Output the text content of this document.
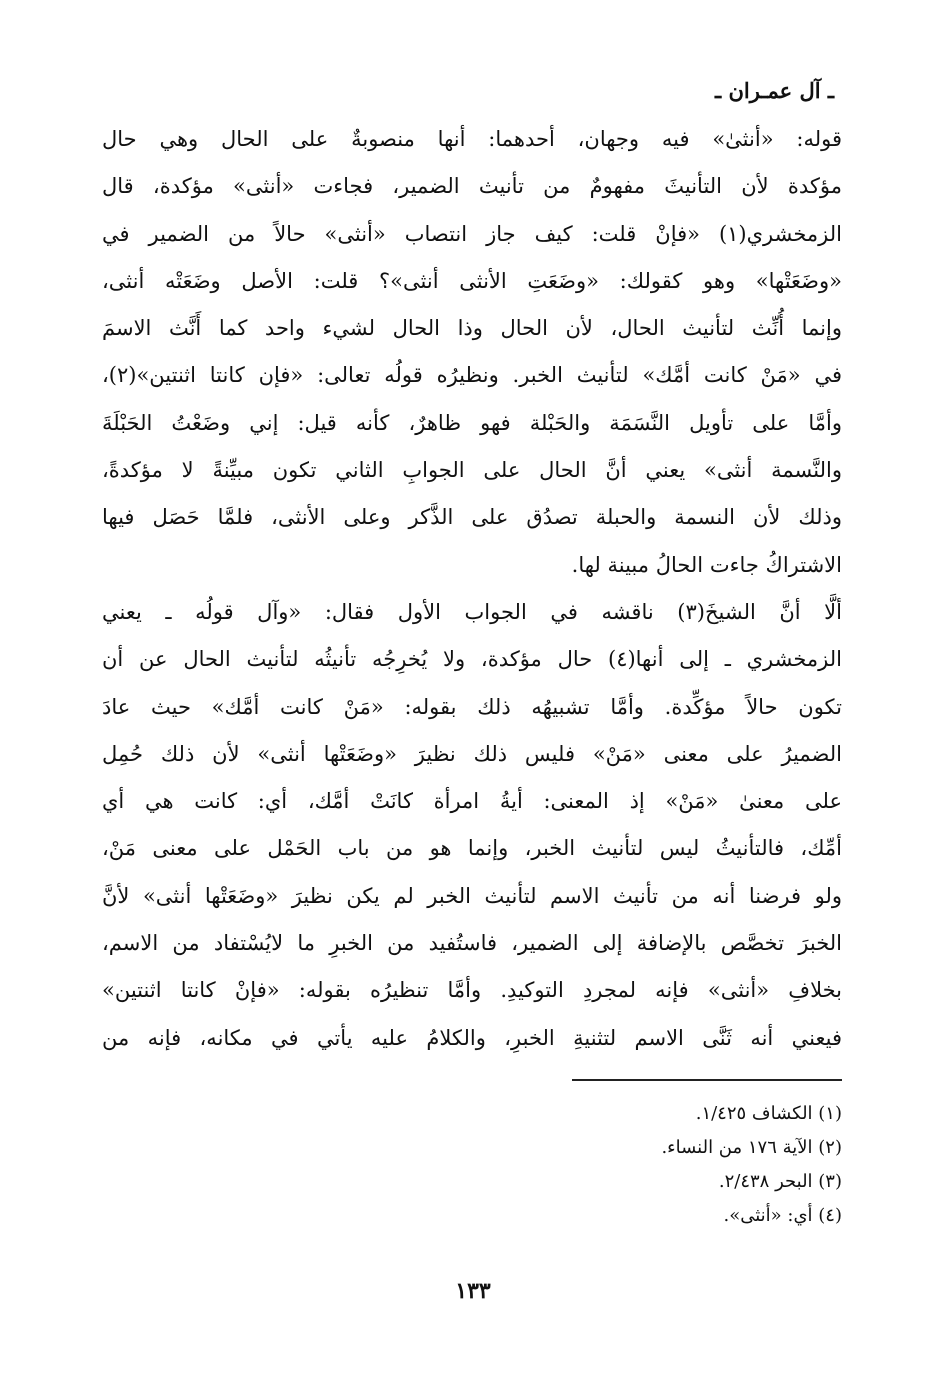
ـ آل عمـران ـ
قوله: «أنثىٰ» فيه وجهان، أحدهما: أنها منصوبةٌ على الحال وهي حال
مؤكدة لأن التأنيثَ مفهومٌ من تأنيث الضمير، فجاءت «أنثى» مؤكدة، قال
الزمخشري(١) «فإنْ قلت: كيف جاز انتصاب «أنثى» حالاً من الضمير في
«وضَعَتْها» وهو كقولك: «وضَعَتِ الأنثى أنثى»؟ قلت: الأصل وضَعَتْه أنثى،
وإنما أُنِّث لتأنيث الحال، لأن الحال وذا الحال لشيء واحد كما أَنَّث الاسمَ
في «مَنْ كانت أمَّك» لتأنيث الخبر. ونظيرُه قولُه تعالى: «فإن كانتا اثنتين»(٢)،
وأمَّا على تأويل النَّسَمَة والحَبْلة فهو ظاهرٌ، كأنه قيل: إني وضَعْتُ الحَبْلَةَ
والنَّسمة أنثى» يعني أنَّ الحال على الجوابِ الثاني تكون مبيِّنةً لا مؤكدةً،
وذلك لأن النسمة والحبلة تصدُق على الذَّكر وعلى الأنثى، فلمَّا حَصَل فيها
الاشتراكُ جاءت الحالُ مبينة لها.
ألَّا أنَّ الشيخَ(٣) ناقشه في الجواب الأول فقال: «وآل قولُه ـ يعني
الزمخشري ـ إلى أنها(٤) حال مؤكدة، ولا يُخرِجُه تأنيثُه لتأنيث الحال عن أن
تكون حالاً مؤكِّدة. وأمَّا تشبيهُه ذلك بقوله: «مَنْ كانت أمَّك» حيث عادَ
الضميرُ على معنى «مَنْ» فليس ذلك نظيرَ «وضَعَتْها أنثى» لأن ذلك حُمِل
على معنىٰ «مَنْ» إذ المعنى: أيةُ امرأة كانَتْ أمَّك، أي: كانت هي أي
أمِّك، فالتأنيثُ ليس لتأنيث الخبر، وإنما هو من باب الحَمْل على معنى مَنْ،
ولو فرضنا أنه من تأنيث الاسم لتأنيث الخبر لم يكن نظيرَ «وضَعَتْها أنثى» لأنَّ
الخبرَ تخصَّص بالإضافة إلى الضمير، فاستُفيد من الخبرِ ما لايُسْتفاد من الاسم،
بخلافِ «أنثى» فإنه لمجردِ التوكيدِ. وأمَّا تنظيرُه بقوله: «فإنْ كانتا اثنتين»
فيعني أنه ثَنَّى الاسم لتثنيةِ الخبرِ، والكلامُ عليه يأتي في مكانه، فإنه من
(١) الكشاف ١/٤٢٥.
(٢) الآية ١٧٦ من النساء.
(٣) البحر ٢/٤٣٨.
(٤) أي: «أنثى».
١٣٣
